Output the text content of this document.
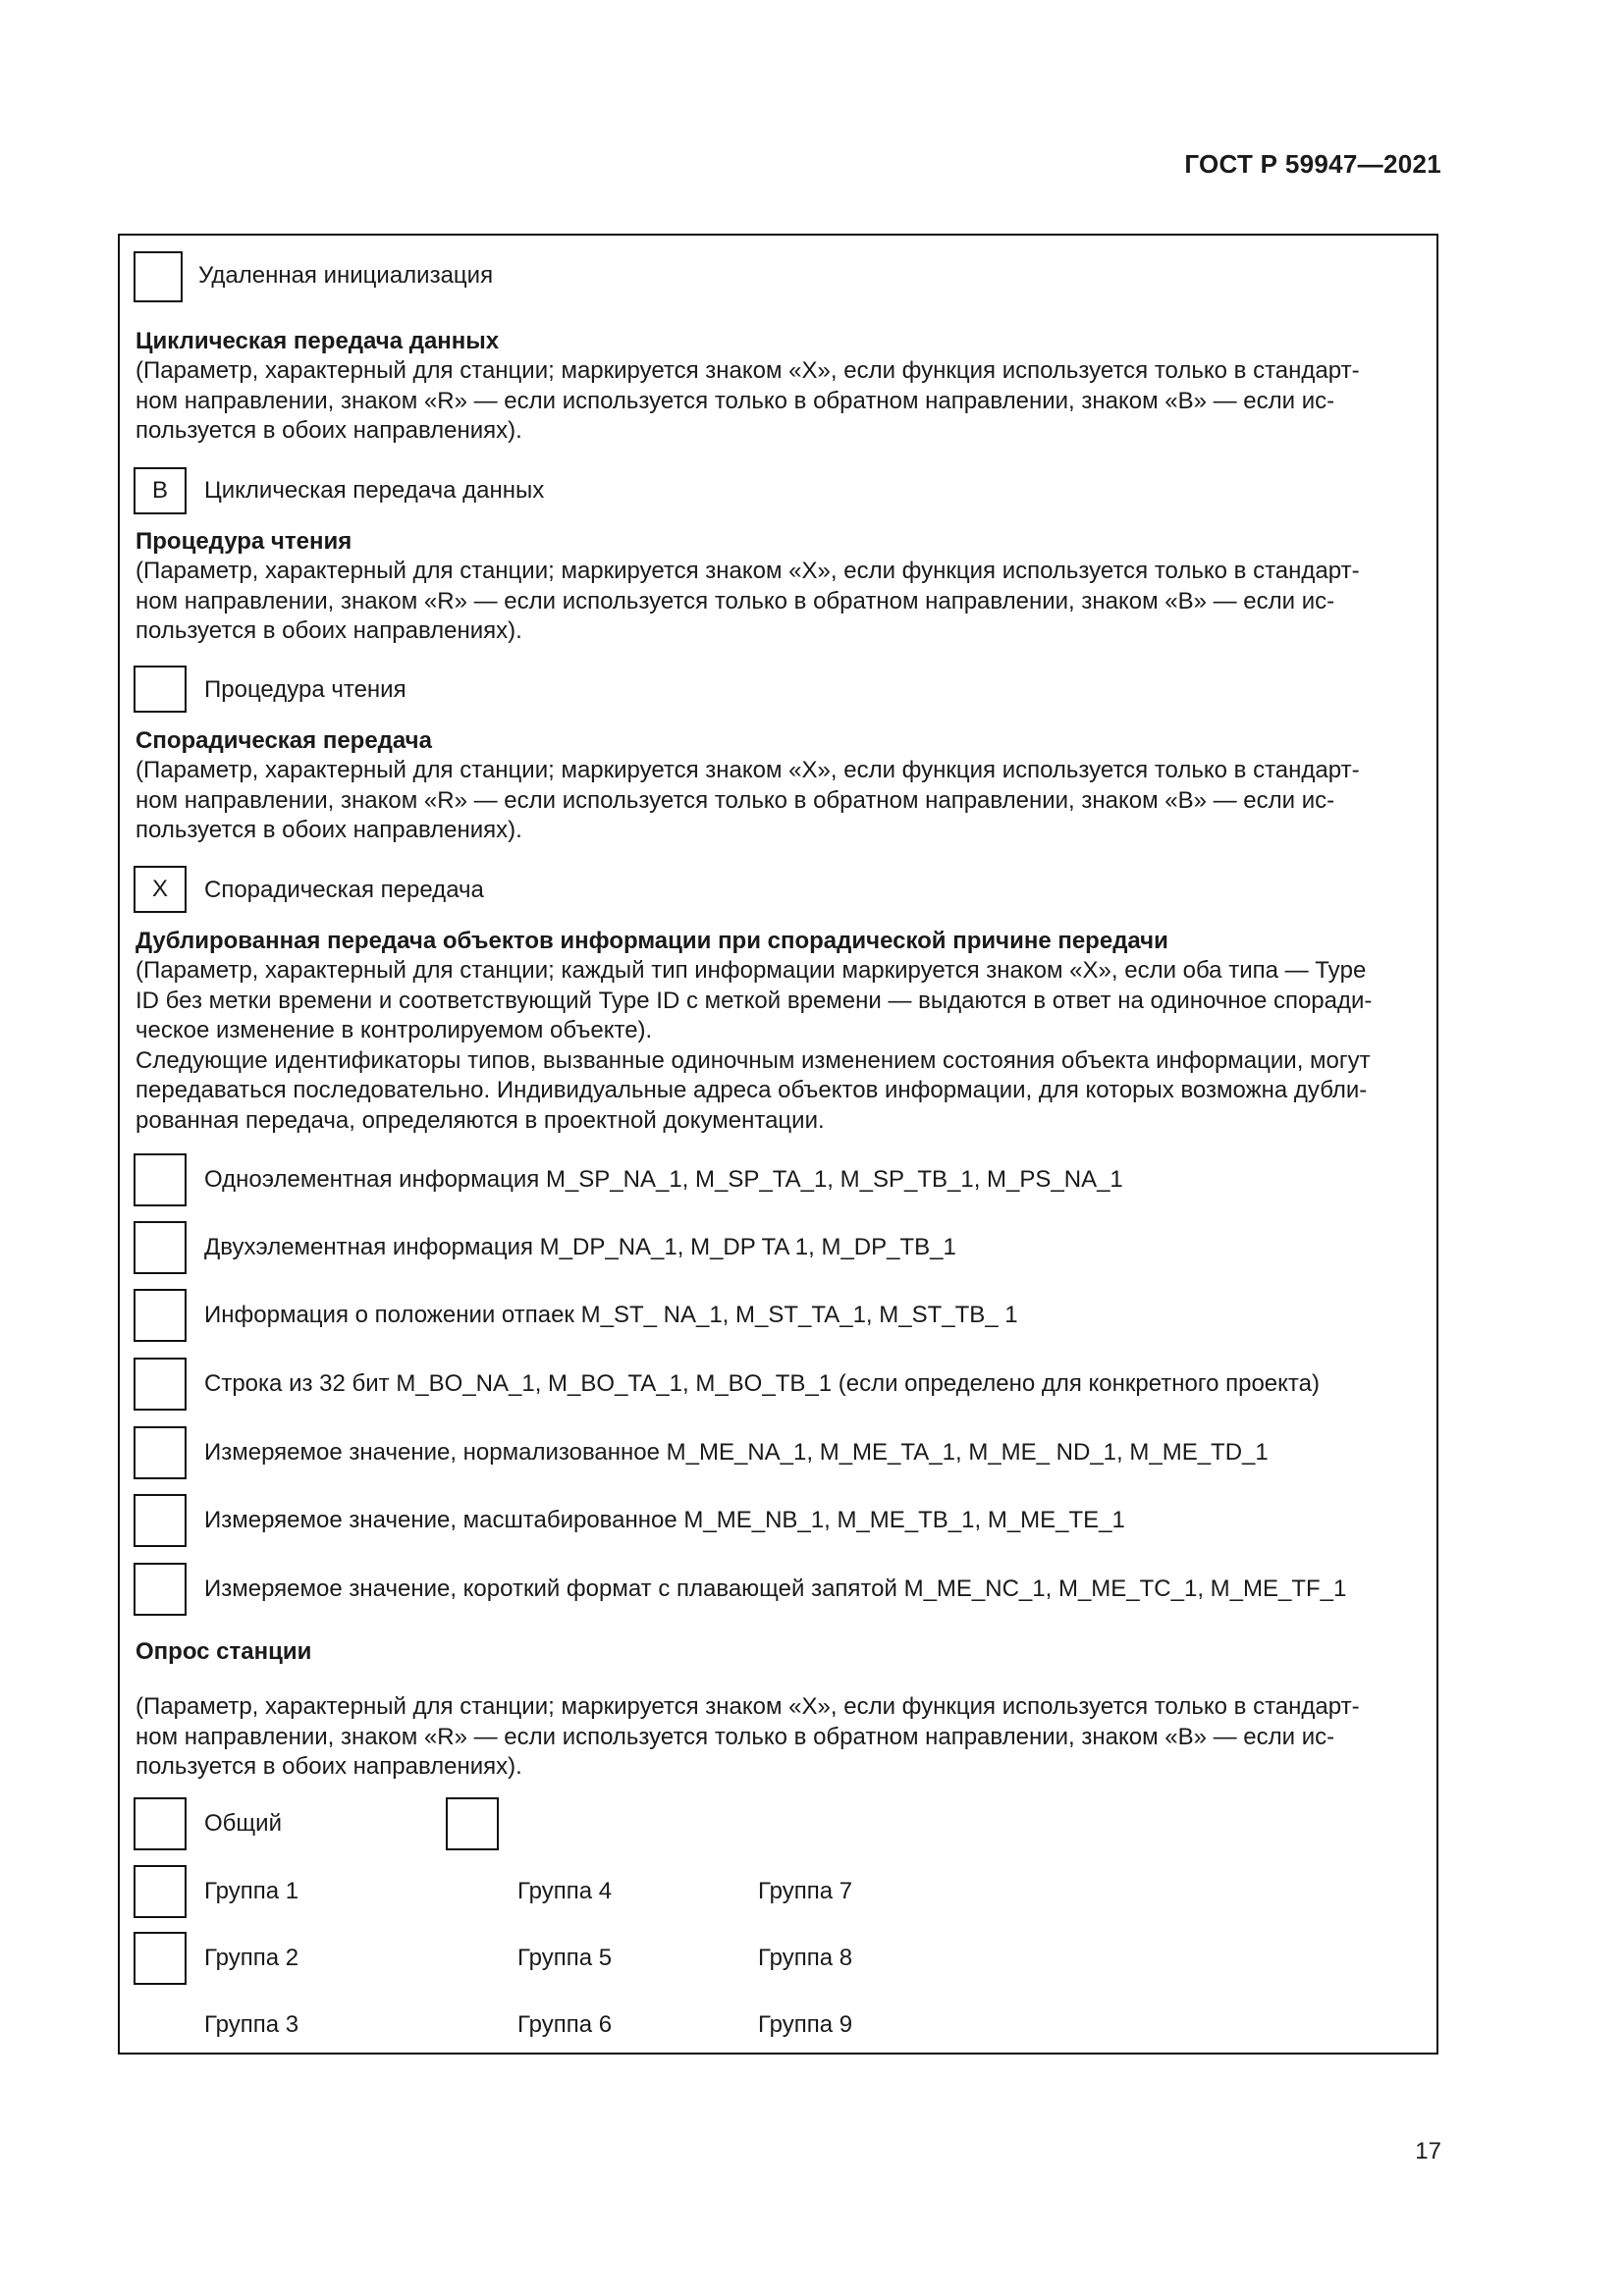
ГОСТ Р 59947—2021
Удаленная инициализация
Циклическая передача данных
(Параметр, характерный для станции; маркируется знаком «Х», если функция используется только в стандарт-
ном направлении, знаком «R» — если используется только в обратном направлении, знаком «B» — если ис-
пользуется в обоих направлениях).
B	Циклическая передача данных
Процедура чтения
(Параметр, характерный для станции; маркируется знаком «Х», если функция используется только в стандарт-
ном направлении, знаком «R» — если используется только в обратном направлении, знаком «B» — если ис-
пользуется в обоих направлениях).
Процедура чтения
Спорадическая передача
(Параметр, характерный для станции; маркируется знаком «Х», если функция используется только в стандарт-
ном направлении, знаком «R» — если используется только в обратном направлении, знаком «B» — если ис-
пользуется в обоих направлениях).
X	Спорадическая передача
Дублированная передача объектов информации при спорадической причине передачи
(Параметр, характерный для станции; каждый тип информации маркируется знаком «Х», если оба типа — Type
ID без метки времени и соответствующий Type ID с меткой времени — выдаются в ответ на одиночное споради-
ческое изменение в контролируемом объекте).
Следующие идентификаторы типов, вызванные одиночным изменением состояния объекта информации, могут
передаваться последовательно. Индивидуальные адреса объектов информации, для которых возможна дубли-
рованная передача, определяются в проектной документации.
Одноэлементная информация M_SP_NA_1, M_SP_TA_1, M_SP_TB_1, M_PS_NA_1
Двухэлементная информация M_DP_NA_1, M_DP TA 1, M_DP_TB_1
Информация о положении отпаек M_ST_ NA_1, M_ST_TA_1, M_ST_TB_ 1
Строка из 32 бит M_BO_NA_1, M_BO_TA_1, M_BO_TB_1 (если определено для конкретного проекта)
Измеряемое значение, нормализованное M_ME_NA_1, M_ME_TA_1, M_ME_ ND_1, M_ME_TD_1
Измеряемое значение, масштабированное M_ME_NB_1, M_ME_TB_1, M_ME_TE_1
Измеряемое значение, короткий формат с плавающей запятой M_ME_NC_1, M_ME_TC_1, M_ME_TF_1
Опрос станции
(Параметр, характерный для станции; маркируется знаком «Х», если функция используется только в стандарт-
ном направлении, знаком «R» — если используется только в обратном направлении, знаком «B» — если ис-
пользуется в обоих направлениях).
Общий
Группа 1	Группа 4	Группа 7
Группа 2	Группа 5	Группа 8
Группа 3	Группа 6	Группа 9
17
